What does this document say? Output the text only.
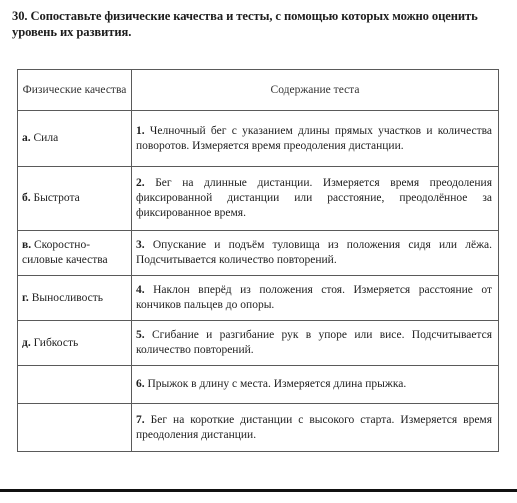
30. Сопоставьте физические качества и тесты, с помощью которых можно оценить уровень их развития.
Физические качества	Содержание теста
а. Сила	1. Челночный бег с указанием длины прямых участков и количества поворотов. Измеряется время преодоления дистанции.
б. Быстрота	2. Бег на длинные дистанции. Измеряется время преодоления фиксированной дистанции или расстояние, преодолённое за фиксированное время.
в. Скоростно-силовые качества	3. Опускание и подъём туловища из положения сидя или лёжа. Подсчитывается количество повторений.
г. Выносливость	4. Наклон вперёд из положения стоя. Измеряется расстояние от кончиков пальцев до опоры.
д. Гибкость	5. Сгибание и разгибание рук в упоре или висе. Подсчитывается количество повторений.
	6. Прыжок в длину с места. Измеряется длина прыжка.
	7. Бег на короткие дистанции с высокого старта. Измеряется время преодоления дистанции.
